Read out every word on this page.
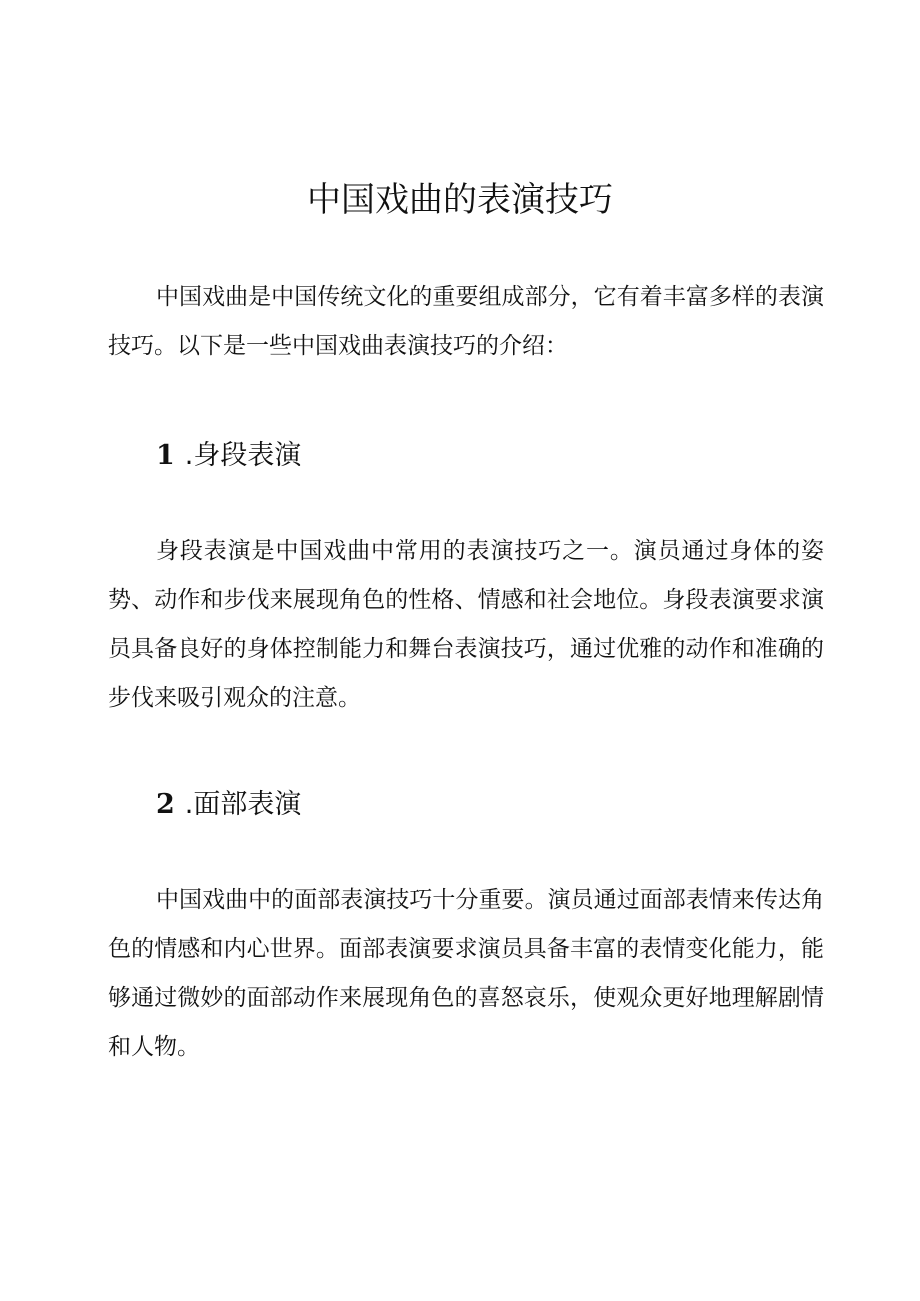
中国戏曲的表演技巧
中国戏曲是中国传统文化的重要组成部分，它有着丰富多样的表演技巧。以下是一些中国戏曲表演技巧的介绍：
1 .身段表演
身段表演是中国戏曲中常用的表演技巧之一。演员通过身体的姿势、动作和步伐来展现角色的性格、情感和社会地位。身段表演要求演员具备良好的身体控制能力和舞台表演技巧，通过优雅的动作和准确的步伐来吸引观众的注意。
2 .面部表演
中国戏曲中的面部表演技巧十分重要。演员通过面部表情来传达角色的情感和内心世界。面部表演要求演员具备丰富的表情变化能力，能够通过微妙的面部动作来展现角色的喜怒哀乐，使观众更好地理解剧情和人物。
